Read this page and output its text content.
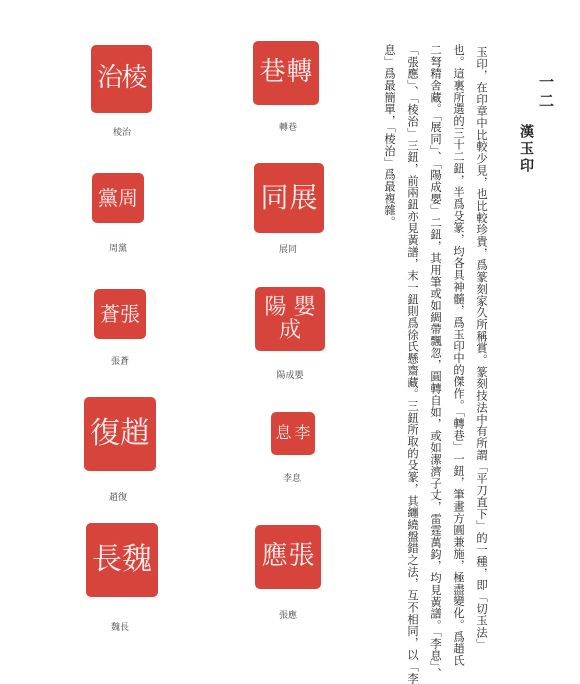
一二
漢玉印
玉印，在印章中比較少見，也比較珍貴，爲篆刻家久所稱賞。篆刻技法中有所謂「平刀直下」的一種，即「切玉法」
也。這裏所選的三十二鈕，半爲殳篆，均各具神髓，爲玉印中的傑作。「轉巷」一鈕，筆畫方圓兼施，極盡變化。爲趙氏
二弩精舍藏。「展同」、「陽成嬰」二鈕，其用筆或如綢帶飄忽，圓轉自如，或如潔濟子丈，雷霆萬鈞，均見黃譜。「李息」、
「張應」、「棱治」三鈕，前兩鈕亦見黃譜，末一鈕則爲徐氏懸齋藏。三鈕所取的殳篆，其纏繞盤錯之法，互不相同，以「李
息」爲最簡單，「棱治」爲最複雜。
巷 轉
轉巷
治
棱
棱治
同 展
展同
黨 周
周黨
陽 嬰
成
陽成嬰
蒼 張
張蒼
息 李
李息
復 趙
趙復
應 張
張應
長 魏
魏長
